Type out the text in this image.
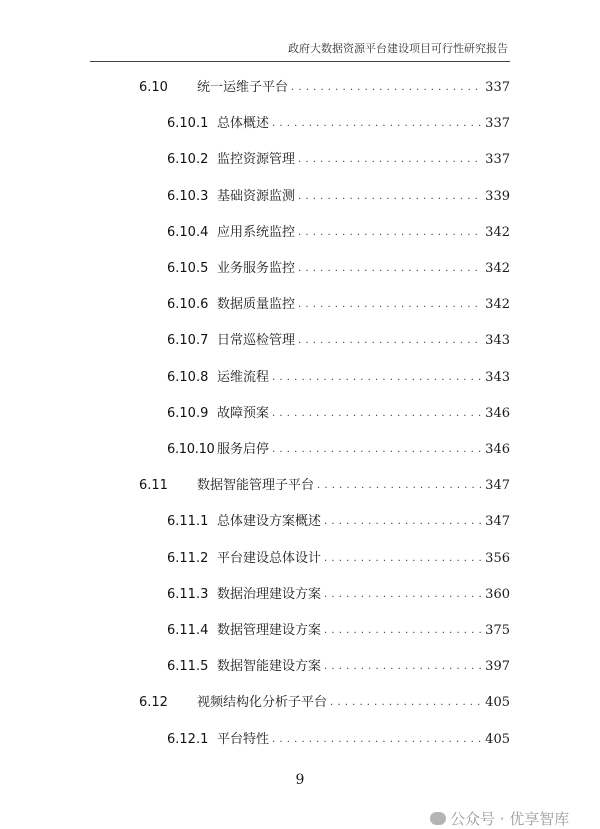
政府大数据资源平台建设项目可行性研究报告
6.10	统一运维子平台 . . .	337
6.10.1 总体概述 . . .	337
6.10.2 监控资源管理 . . .	337
6.10.3 基础资源监测 . . .	339
6.10.4 应用系统监控 . . .	342
6.10.5 业务服务监控 . . .	342
6.10.6 数据质量监控 . . .	342
6.10.7 日常巡检管理 . . .	343
6.10.8 运维流程 . . .	343
6.10.9 故障预案 . . .	346
6.10.10 服务启停 . . .	346
6.11	数据智能管理子平台 . . .	347
6.11.1 总体建设方案概述 . . .	347
6.11.2 平台建设总体设计 . . .	356
6.11.3 数据治理建设方案 . . .	360
6.11.4 数据管理建设方案 . . .	375
6.11.5 数据智能建设方案 . . .	397
6.12	视频结构化分析子平台 . . .	405
6.12.1 平台特性 . . .	405
9
公众号 · 优享智库
